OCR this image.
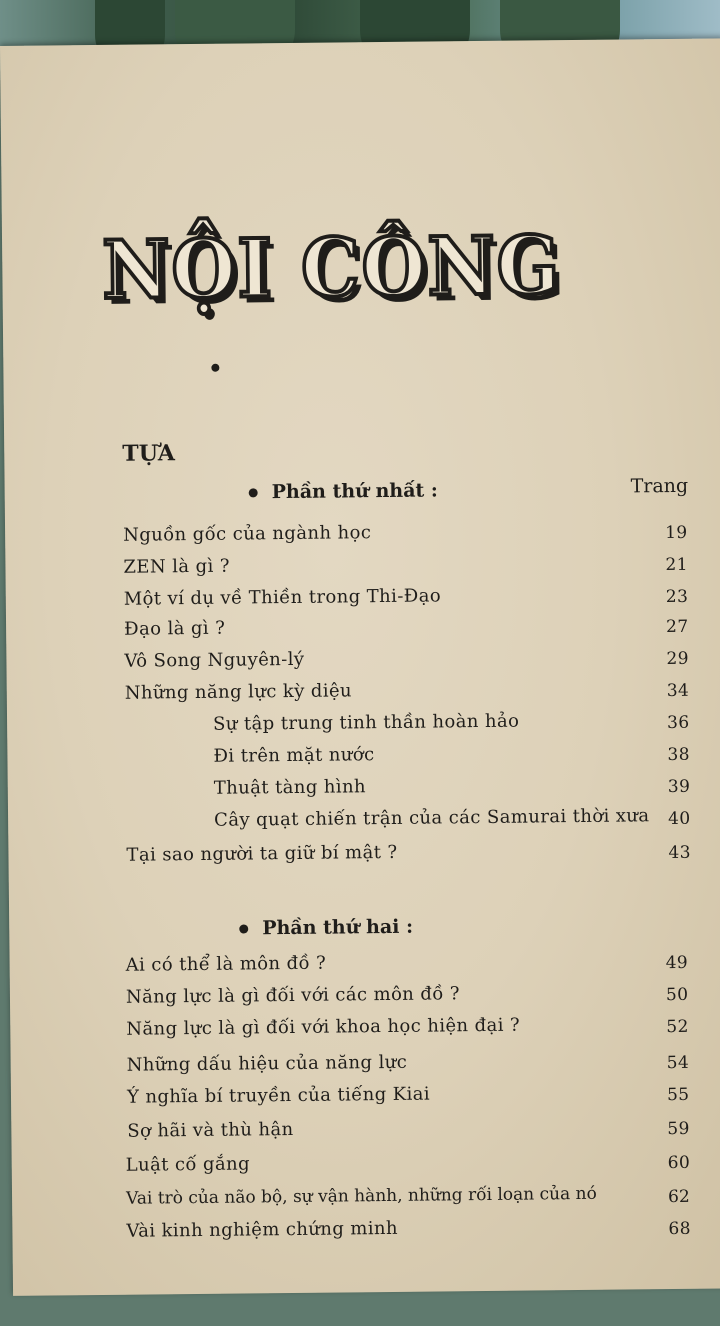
NỘI CÔNG
TỰA
Phần thứ nhất :	Trang
Phần thứ hai :
Nguồn gốc của ngành học	19
ZEN là gì ?	21
Một ví dụ về Thiền trong Thi-Đạo	23
Đạo là gì ?	27
Vô Song Nguyên-lý	29
Những năng lực kỳ diệu	34
Sự tập trung tinh thần hoàn hảo	36
Đi trên mặt nước	38
Thuật tàng hình	39
Cây quạt chiến trận của các Samurai thời xưa 40
Tại sao người ta giữ bí mật ?	43
Ai có thể là môn đồ ?	49
Năng lực là gì đối với các môn đồ ?	50
Năng lực là gì đối với khoa học hiện đại ?	52
Những dấu hiệu của năng lực	54
Ý nghĩa bí truyền của tiếng Kiai	55
Sợ hãi và thù hận	59
Luật cố gắng	60
Vai trò của não bộ, sự vận hành, những rối loạn của nó	62
Vài kinh nghiệm chứng minh	68
